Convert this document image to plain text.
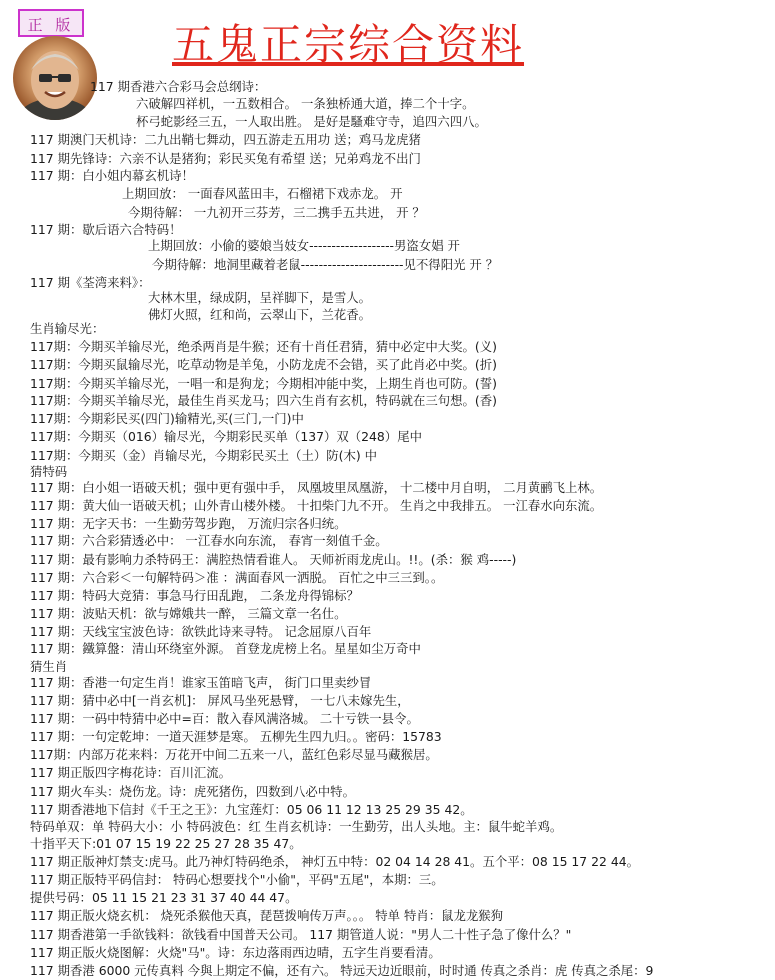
正 版 五鬼正宗综合资料
117 期香港六合彩马会总纲诗：
六破解四祥机，一五数相合。 一条独桥通大道，捧二个十字。
杯弓蛇影经三五，一人取出胜。 是好是騷难守寺，追四六四八。
117 期澳门天机诗：二九出鞘七舞动，四五游走五用功 送；鸡马龙虎猪
117 期先锋诗：六亲不认是猪狗；彩民买兔有希望 送；兄弟鸡龙不出门
117 期：白小姐内幕玄机诗！
上期回放： 一面春风蓝田丰，石榴裙下戏赤龙。 开
今期待解： 一九初开三芬芳，三二携手五共进， 开 ？
117 期：歇后语六合特码！
上期回放：小偷的婆娘当妓女-------------------男盗女娼 开
今期待解：地洞里藏着老鼠-----------------------见不得阳光 开 ？
117 期《荃湾来料》：
大林木里，绿成阴，呈祥脚下，是雪人。
佛灯火照，红和尚，云翠山下，兰花香。
生肖输尽光：
117期：今期买羊输尽光，绝杀两肖是牛猴；还有十肖任君猜，猜中必定中大奖。(义)
117期：今期买鼠输尽光，吃草动物是羊兔，小防龙虎不会错，买了此肖必中奖。(折)
117期：今期买羊输尽光，一唱一和是狗龙；今期相冲能中奖，上期生肖也可防。(誓)
117期：今期买羊输尽光，最佳生肖买龙马；四六生肖有玄机，特码就在三句想。(香)
117期：今期彩民买(四门)输精光,买(三门,一门)中
117期：今期买（016）输尽光，今期彩民买单（137）双（248）尾中
117期：今期买（金）肖输尽光，今期彩民买土（土）防(木) 中
猜特码
117 期：白小姐一语破天机；强中更有强中手， 凤凰坡里凤凰游， 十二楼中月自明， 二月黄鹂飞上林。
117 期：黄大仙一语破天机；山外青山楼外楼。 十扣柴门九不开。 生肖之中我排五。 一江春水向东流。
117 期：无字天书：一生勤劳驾步跑， 万流归宗各归统。
117 期：六合彩猜透必中： 一江春水向东流， 春宵一刻值千金。
117 期：最有影响力杀特码王：满腔热情看谁人。 天师祈雨龙虎山。!!。(杀：猴 鸡-----)
117 期：六合彩＜一句解特码＞准 ：满面春风一洒脱。 百忙之中三三到。。
117 期：特码大竞猜：事急马行田乱跑， 二条龙舟得锦标？
117 期：波贴天机：欲与嫦娥共一醉， 三篇文章一名仕。
117 期：天线宝宝波色诗：欲铁此诗来寻特。 记念屈原八百年
117 期：鐵算盤：清山环绕室外源。 首登龙虎榜上名。星星如尘万奇中
猜生肖
117 期：香港一句定生肖！谁家玉笛暗飞声， 街门口里卖纱冒
117 期：猜中必中[一肖玄机]： 屏风马坐死悬臂， 一七八未嫁先生，
117 期：一码中特猜中必中=百：散入春风满洛城。 二十亏铁一县令。
117 期：一句定乾坤：一道天涯梦是寒。 五柳先生四九归。。密码：15783
117期：内部万花来料：万花开中间二五来一八，蓝红色彩尽显马藏猴居。
117 期正版四字梅花诗：百川汇流。
117 期火车头：烧伤龙。诗：虎死猪伤，四数到八必中特。
117 期香港地下信封《千王之王》：九宝莲灯：05 06 11 12 13 25 29 35 42。
特码单双：单 特码大小：小 特码波色：红 生肖玄机诗：一生勤劳，出人头地。主：鼠牛蛇羊鸡。
十指平天下:01 07 15 19 22 25 27 28 35 47。
117 期正版神灯禁支:虎马。此乃神灯特码绝杀， 神灯五中特：02 04 14 28 41。五个平：08 15 17 22 44。
117 期正版特平码信封： 特码心想要找个"小偷"，平码"五尾"，本期：三。
提供号码：05 11 15 21 23 31 37 40 44 47。
117 期正版火烧玄机： 烧死杀猴他天真，琵琶拨响传万声。。。 特单 特肖：鼠龙龙猴狗
117 期香港第一手欲钱料：欲钱看中国普天公司。 117 期管道人说："男人二十性子急了像什么？"
117 期正版火烧图解：火烧"马"。诗：东边落雨西边晴，五字生肖要看清。
117 期香港 6000 元传真料 今與上期定不偏，还有六。 特远天边近眼前，时时通 传真之杀肖：虎 传真之杀尾：9
